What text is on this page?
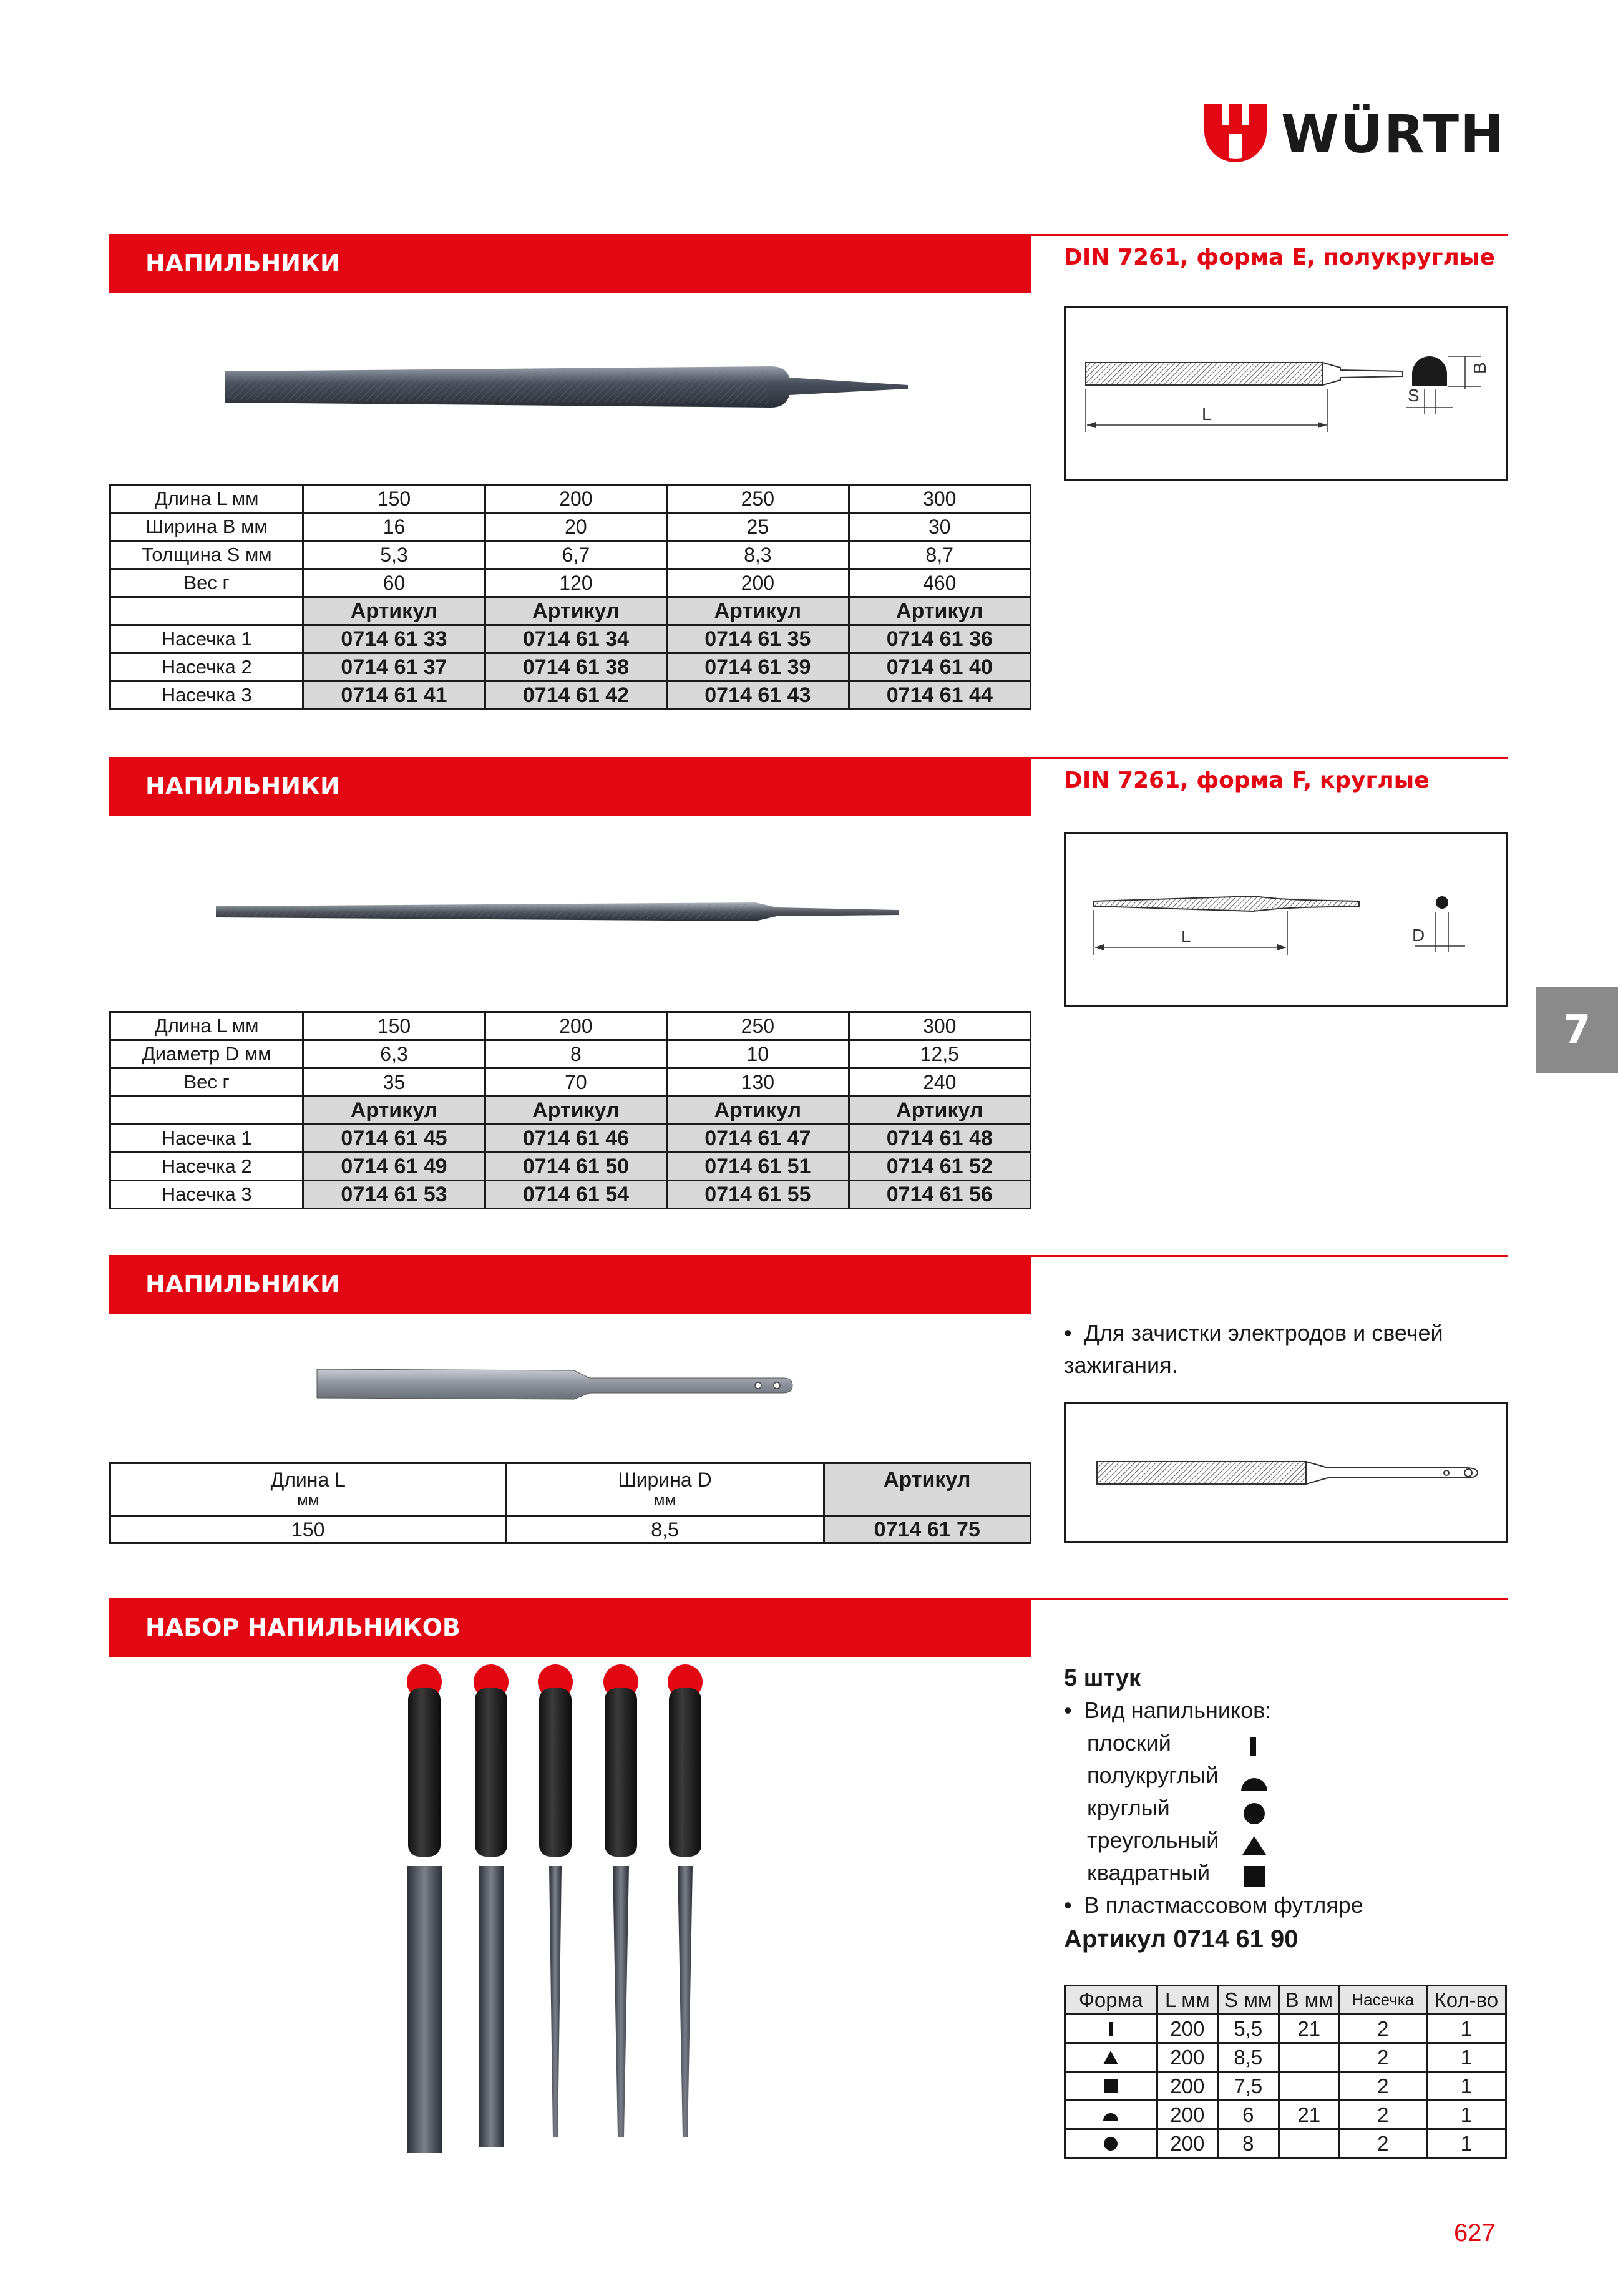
WÜRTH
7
НАПИЛЬНИКИ	DIN 7261, форма Е, полукруглые
L
S
B
Длина L мм	150	200	250	300
Ширина В мм	16	20	25	30
Толщина S мм	5,3	6,7	8,3	8,7
Вес г	60	120	200	460
	Артикул	Артикул	Артикул	Артикул
Насечка 1	0714 61 33	0714 61 34	0714 61 35	0714 61 36
Насечка 2	0714 61 37	0714 61 38	0714 61 39	0714 61 40
Насечка 3	0714 61 41	0714 61 42	0714 61 43	0714 61 44
НАПИЛЬНИКИ	DIN 7261, форма F, круглые
L	D
Длина L мм	150	200	250	300
Диаметр D мм	6,3	8	10	12,5
Вес г	35	70	130	240
	Артикул	Артикул	Артикул	Артикул
Насечка 1	0714 61 45	0714 61 46	0714 61 47	0714 61 48
Насечка 2	0714 61 49	0714 61 50	0714 61 51	0714 61 52
Насечка 3	0714 61 53	0714 61 54	0714 61 55	0714 61 56
НАПИЛЬНИКИ
•  Для зачистки электродов и свечей зажигания.
Длина L
мм	Ширина D
мм	Артикул
150	8,5	0714 61 75
НАБОР НАПИЛЬНИКОВ
5 штук
•  Вид напильников:
плоский
полукруглый
круглый
треугольный
квадратный
•  В пластмассовом футляре
Артикул 0714 61 90
Форма	L мм	S мм	B мм	Насечка	Кол-во
	200	5,5	21	2	1
	200	8,5		2	1
	200	7,5		2	1
	200	6	21	2	1
	200	8		2	1
627
